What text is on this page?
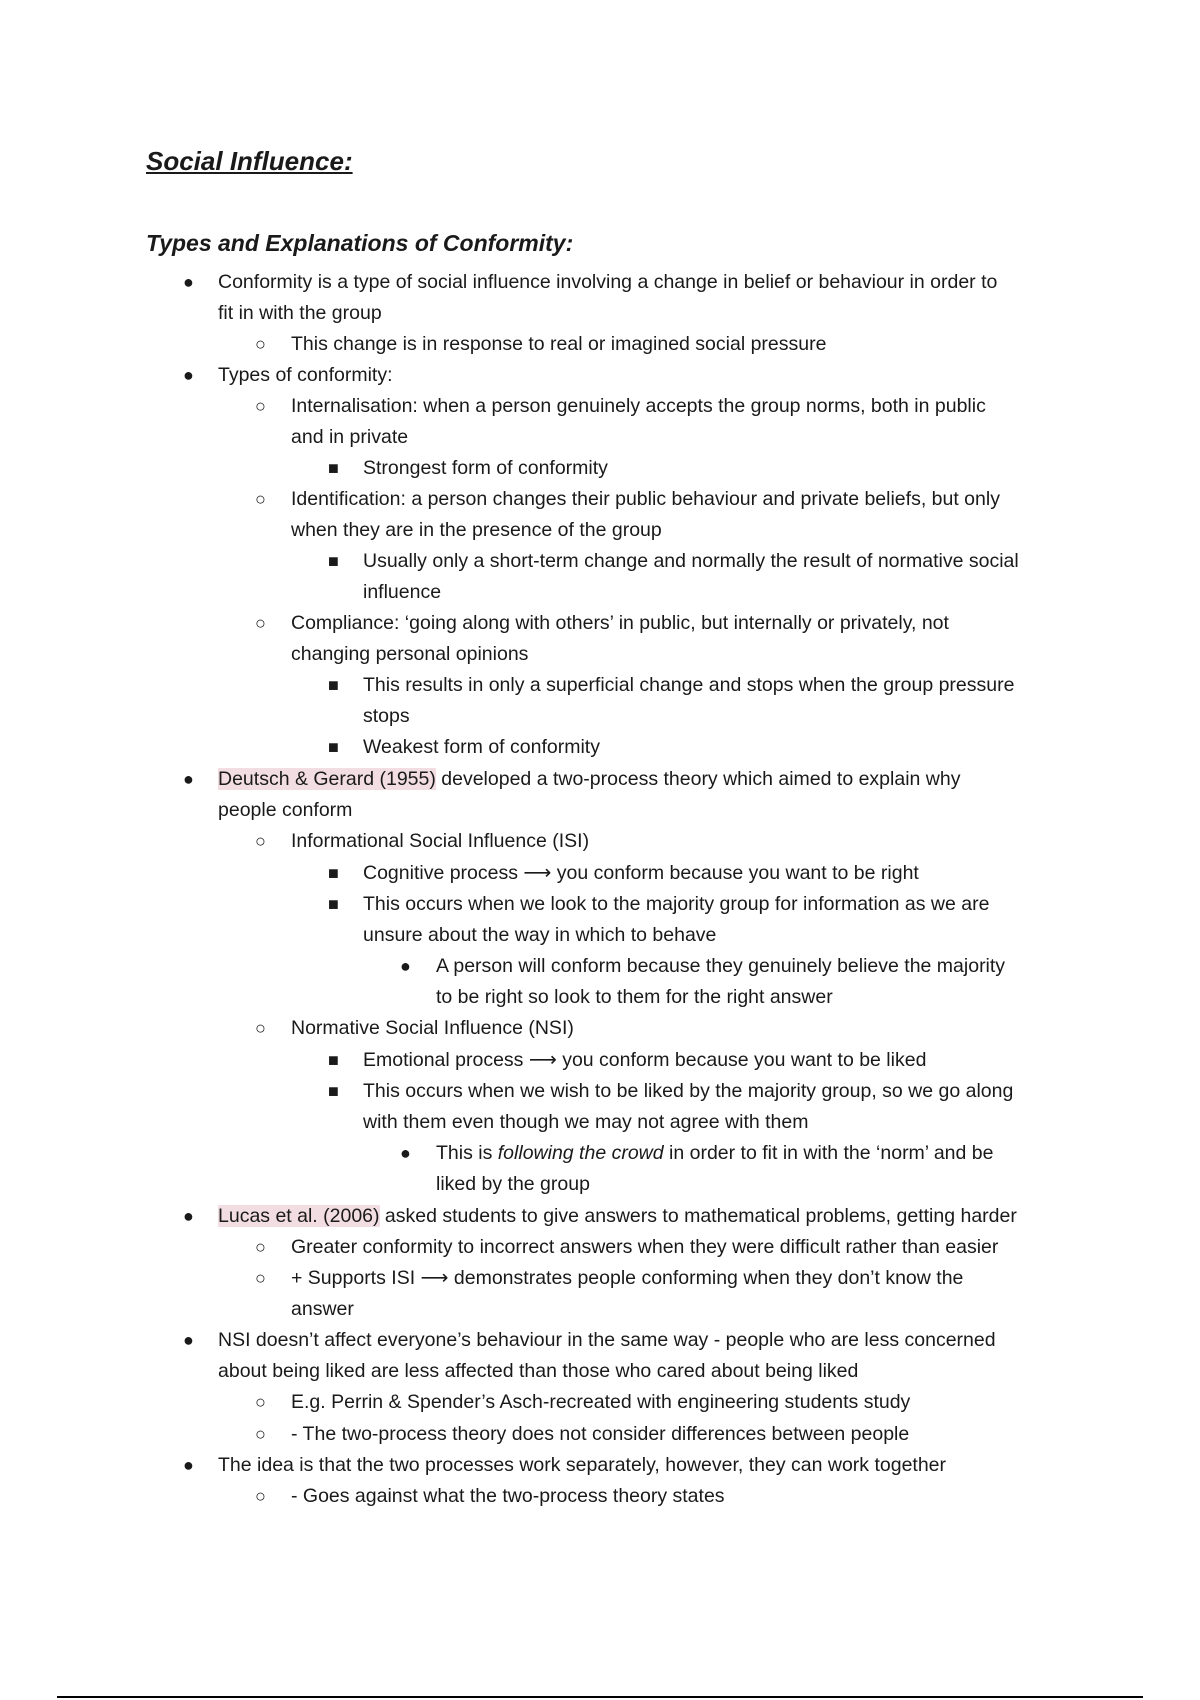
Social Influence:
Types and Explanations of Conformity:
● Conformity is a type of social influence involving a change in belief or behaviour in order to
fit in with the group
○ This change is in response to real or imagined social pressure
● Types of conformity:
○ Internalisation: when a person genuinely accepts the group norms, both in public
and in private
■ Strongest form of conformity
○ Identification: a person changes their public behaviour and private beliefs, but only
when they are in the presence of the group
■ Usually only a short-term change and normally the result of normative social
influence
○ Compliance: ‘going along with others’ in public, but internally or privately, not
changing personal opinions
■ This results in only a superficial change and stops when the group pressure
stops
■ Weakest form of conformity
● Deutsch & Gerard (1955) developed a two-process theory which aimed to explain why
people conform
○ Informational Social Influence (ISI)
■ Cognitive process ⟶ you conform because you want to be right
■ This occurs when we look to the majority group for information as we are
unsure about the way in which to behave
● A person will conform because they genuinely believe the majority
to be right so look to them for the right answer
○ Normative Social Influence (NSI)
■ Emotional process ⟶ you conform because you want to be liked
■ This occurs when we wish to be liked by the majority group, so we go along
with them even though we may not agree with them
● This is following the crowd in order to fit in with the ‘norm’ and be
liked by the group
● Lucas et al. (2006) asked students to give answers to mathematical problems, getting harder
○ Greater conformity to incorrect answers when they were difficult rather than easier
○ + Supports ISI ⟶ demonstrates people conforming when they don’t know the
answer
● NSI doesn’t affect everyone’s behaviour in the same way - people who are less concerned
about being liked are less affected than those who cared about being liked
○ E.g. Perrin & Spender’s Asch-recreated with engineering students study
○ - The two-process theory does not consider differences between people
● The idea is that the two processes work separately, however, they can work together
○ - Goes against what the two-process theory states
